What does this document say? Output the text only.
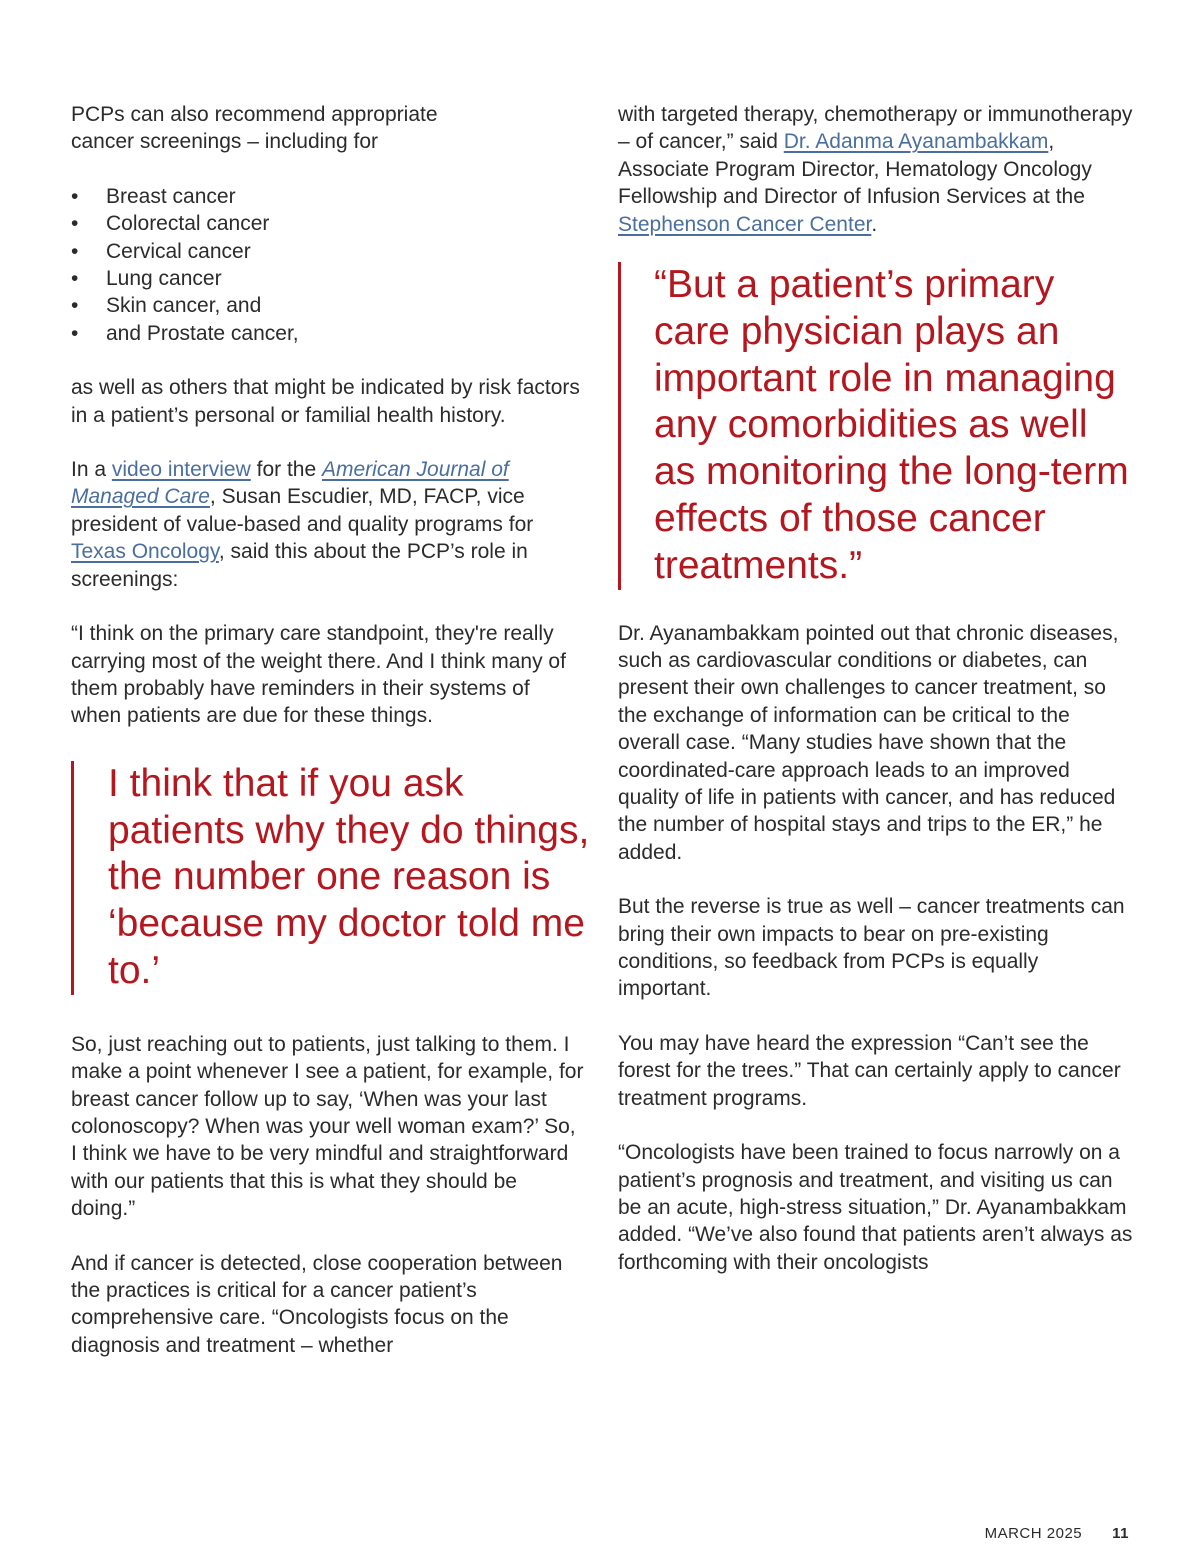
PCPs can also recommend appropriate cancer screenings – including for

• Breast cancer
• Colorectal cancer
• Cervical cancer
• Lung cancer
• Skin cancer, and
• and Prostate cancer,

as well as others that might be indicated by risk factors in a patient’s personal or familial health history.

In a video interview for the American Journal of Managed Care, Susan Escudier, MD, FACP, vice president of value-based and quality programs for Texas Oncology, said this about the PCP’s role in screenings:

“I think on the primary care standpoint, they're really carrying most of the weight there. And I think many of them probably have reminders in their systems of when patients are due for these things.

I think that if you ask patients why they do things, the number one reason is ‘because my doctor told me to.’

So, just reaching out to patients, just talking to them. I make a point whenever I see a patient, for example, for breast cancer follow up to say, ‘When was your last colonoscopy? When was your well woman exam?’ So, I think we have to be very mindful and straightforward with our patients that this is what they should be doing.”

And if cancer is detected, close cooperation between the practices is critical for a cancer patient’s comprehensive care. “Oncologists focus on the diagnosis and treatment – whether

with targeted therapy, chemotherapy or immunotherapy – of cancer,” said Dr. Adanma Ayanambakkam, Associate Program Director, Hematology Oncology Fellowship and Director of Infusion Services at the Stephenson Cancer Center.

“But a patient’s primary care physician plays an important role in managing any comorbidities as well as monitoring the long-term effects of those cancer treatments.”

Dr. Ayanambakkam pointed out that chronic diseases, such as cardiovascular conditions or diabetes, can present their own challenges to cancer treatment, so the exchange of information can be critical to the overall case. “Many studies have shown that the coordinated-care approach leads to an improved quality of life in patients with cancer, and has reduced the number of hospital stays and trips to the ER,” he added.

But the reverse is true as well – cancer treatments can bring their own impacts to bear on pre-existing conditions, so feedback from PCPs is equally important.

You may have heard the expression “Can’t see the forest for the trees.” That can certainly apply to cancer treatment programs.

“Oncologists have been trained to focus narrowly on a patient’s prognosis and treatment, and visiting us can be an acute, high-stress situation,” Dr. Ayanambakkam added. “We’ve also found that patients aren’t always as forthcoming with their oncologists

MARCH 2025 11
